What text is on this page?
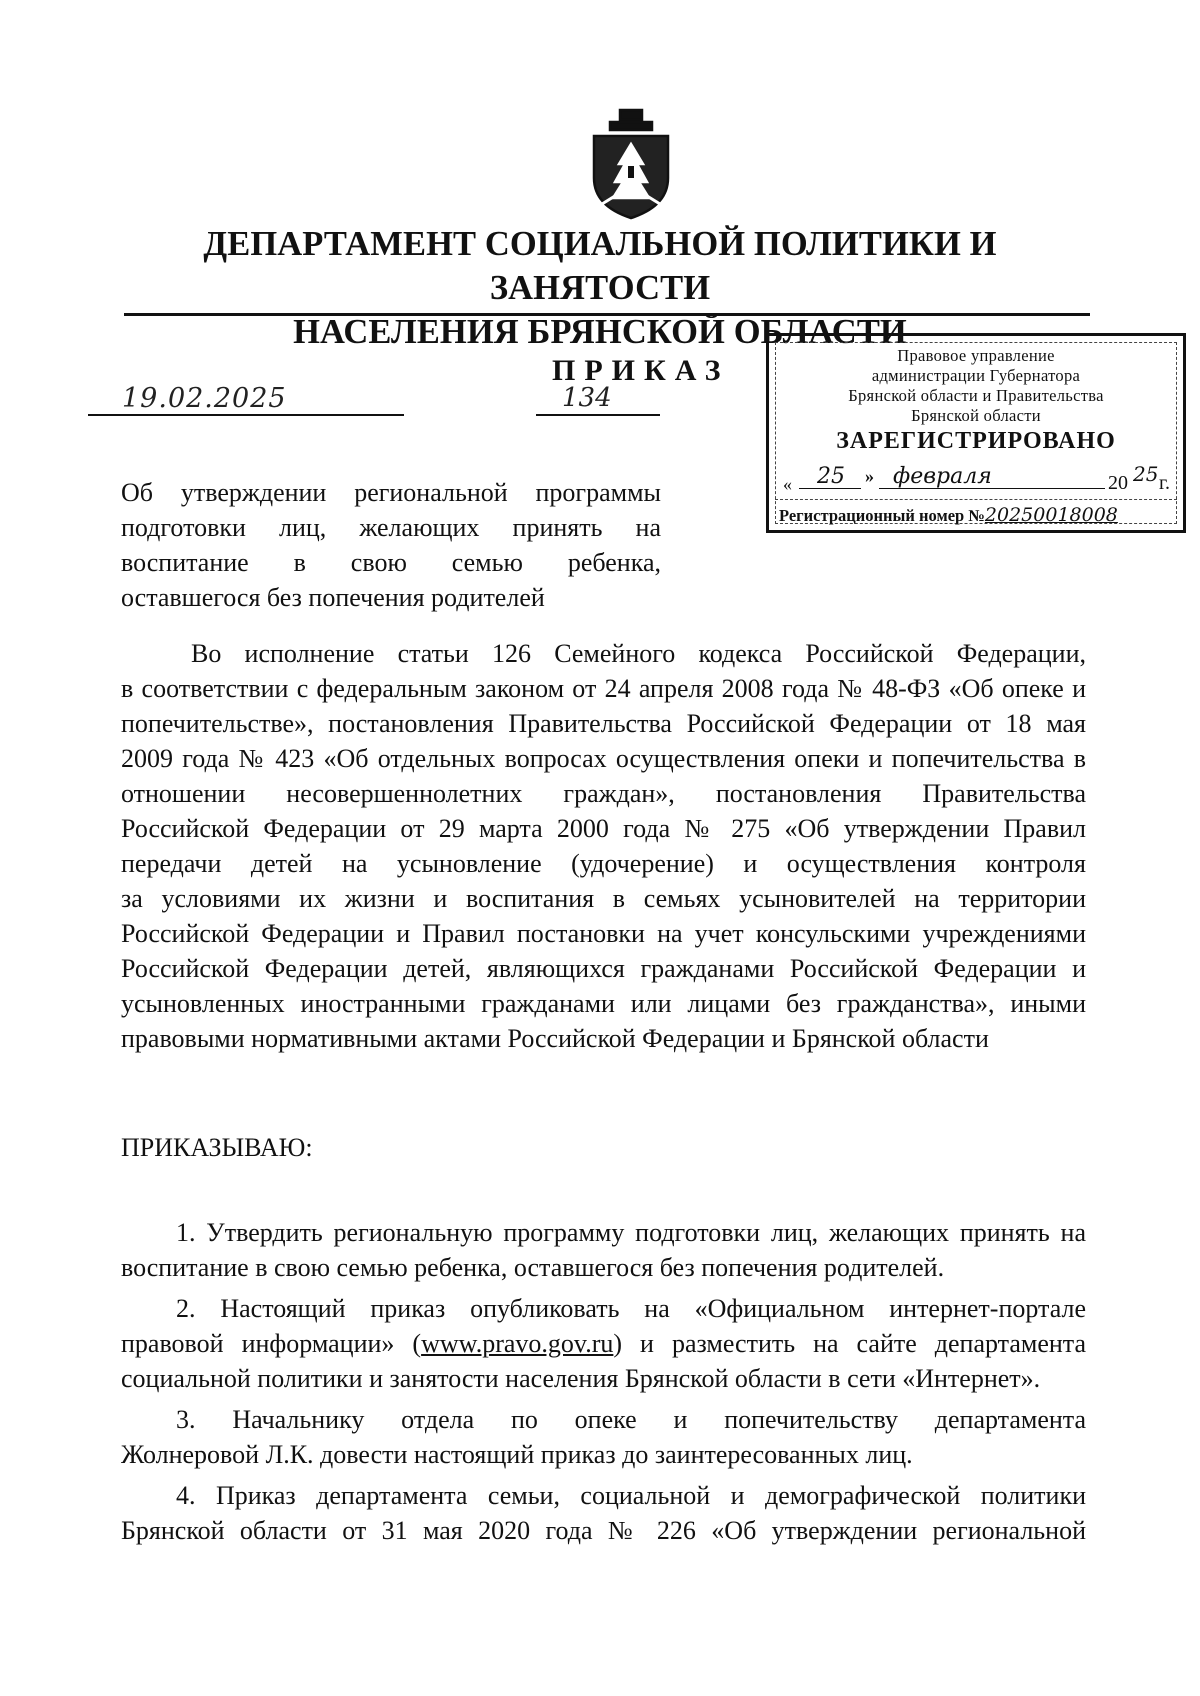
ДЕПАРТАМЕНТ СОЦИАЛЬНОЙ ПОЛИТИКИ И ЗАНЯТОСТИ
НАСЕЛЕНИЯ БРЯНСКОЙ ОБЛАСТИ
19.02.2025
ПРИКАЗ
134
Правовое управление
администрации Губернатора
Брянской области и Правительства
Брянской области
ЗАРЕГИСТРИРОВАНО
«	25	» февраля	20 25 г.
Регистрационный номер №20250018008
Об утверждении региональной программы
подготовки лиц, желающих принять на
воспитание в свою семью ребенка,
оставшегося без попечения родителей
Во исполнение статьи 126 Семейного кодекса Российской Федерации,
в соответствии с федеральным законом от 24 апреля 2008 года № 48-ФЗ «Об опеке и
попечительстве», постановления Правительства Российской Федерации от 18 мая
2009 года № 423 «Об отдельных вопросах осуществления опеки и попечительства в
отношении несовершеннолетних граждан», постановления Правительства
Российской Федерации от 29 марта 2000 года № 275 «Об утверждении Правил
передачи детей на усыновление (удочерение) и осуществления контроля
за условиями их жизни и воспитания в семьях усыновителей на территории
Российской Федерации и Правил постановки на учет консульскими учреждениями
Российской Федерации детей, являющихся гражданами Российской Федерации и
усыновленных иностранными гражданами или лицами без гражданства», иными
правовыми нормативными актами Российской Федерации и Брянской области
ПРИКАЗЫВАЮ:
1. Утвердить региональную программу подготовки лиц, желающих принять на
воспитание в свою семью ребенка, оставшегося без попечения родителей.
2. Настоящий приказ опубликовать на «Официальном интернет-портале
правовой информации» (www.pravo.gov.ru) и разместить на сайте департамента
социальной политики и занятости населения Брянской области в сети «Интернет».
3. Начальнику отдела по опеке и попечительству департамента
Жолнеровой Л.К. довести настоящий приказ до заинтересованных лиц.
4. Приказ департамента семьи, социальной и демографической политики
Брянской области от 31 мая 2020 года № 226 «Об утверждении региональной
